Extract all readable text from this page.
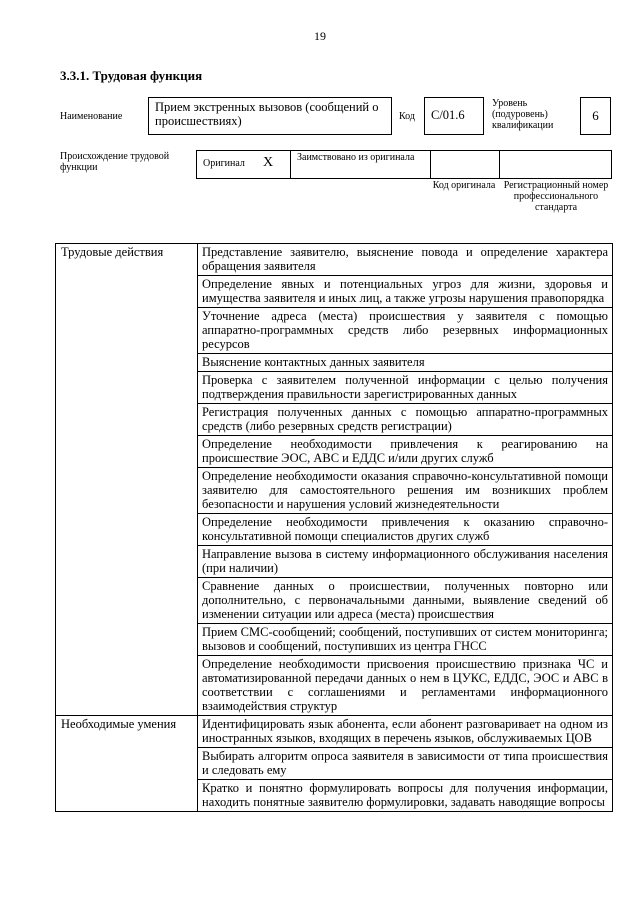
19
3.3.1. Трудовая функция
Наименование
Прием экстренных вызовов (сообщений о происшествиях)	Код	С/01.6
Уровень (подуровень) квалификации
6
Происхождение трудовой функции	Оригинал X Заимствовано из оригинала
Код оригинала Регистрационный номер профессионального стандарта
Трудовые действия	Представление заявителю, выяснение повода и определение характера обращения заявителя
	Определение явных и потенциальных угроз для жизни, здоровья и имущества заявителя и иных лиц, а также угрозы нарушения правопорядка
	Уточнение адреса (места) происшествия у заявителя с помощью аппаратно-программных средств либо резервных информационных ресурсов
	Выяснение контактных данных заявителя
	Проверка с заявителем полученной информации с целью получения подтверждения правильности зарегистрированных данных
	Регистрация полученных данных с помощью аппаратно-программных средств (либо резервных средств регистрации)
	Определение необходимости привлечения к реагированию на происшествие ЭОС, АВС и ЕДДС и/или других служб
	Определение необходимости оказания справочно-консультативной помощи заявителю для самостоятельного решения им возникших проблем безопасности и нарушения условий жизнедеятельности
	Определение необходимости привлечения к оказанию справочно-консультативной помощи специалистов других служб
	Направление вызова в систему информационного обслуживания населения (при наличии)
	Сравнение данных о происшествии, полученных повторно или дополнительно, с первоначальными данными, выявление сведений об изменении ситуации или адреса (места) происшествия
	Прием СМС-сообщений; сообщений, поступивших от систем мониторинга; вызовов и сообщений, поступивших из центра ГНСС
	Определение необходимости присвоения происшествию признака ЧС и автоматизированной передачи данных о нем в ЦУКС, ЕДДС, ЭОС и АВС в соответствии с соглашениями и регламентами информационного взаимодействия структур
Необходимые умения	Идентифицировать язык абонента, если абонент разговаривает на одном из иностранных языков, входящих в перечень языков, обслуживаемых ЦОВ
	Выбирать алгоритм опроса заявителя в зависимости от типа происшествия и следовать ему
	Кратко и понятно формулировать вопросы для получения информации, находить понятные заявителю формулировки, задавать наводящие вопросы
